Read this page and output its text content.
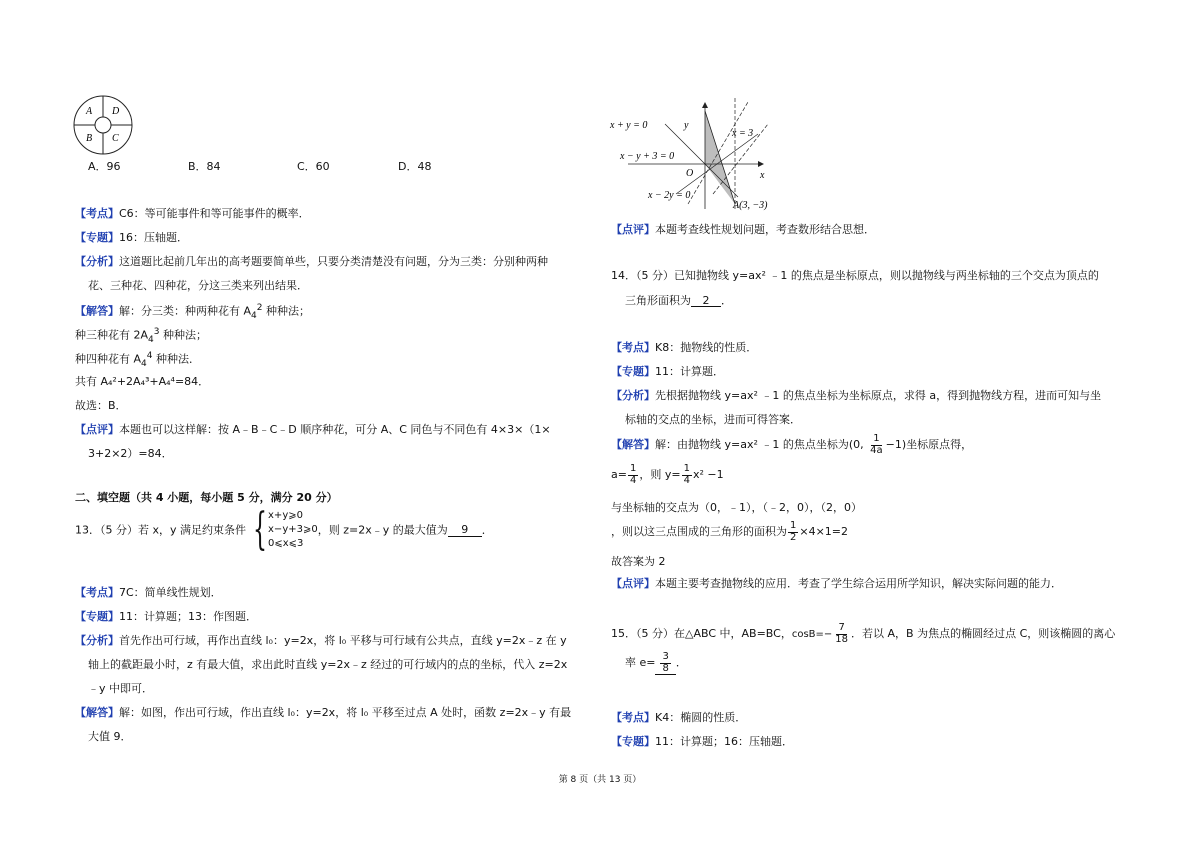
A D
B C
A．96	B．84	C．60	D．48
【考点】C6：等可能事件和等可能事件的概率．
【专题】16：压轴题．
【分析】这道题比起前几年出的高考题要简单些，只要分类清楚没有问题，分为三类：分别种两种
花、三种花、四种花，分这三类来列出结果．
【解答】解：分三类：种两种花有 $A_4^2$ 种种法；
种三种花有 $2A_4^3$ 种种法；
种四种花有 $A_4^4$ 种种法．
共有 A₄²+2A₄³+A₄⁴=84．
故选：B．
【点评】本题也可以这样解：按 A﹣B﹣C﹣D 顺序种花，可分 A、C 同色与不同色有 4×3×（1×
3+2×2）=84．
二、填空题（共 4 小题，每小题 5 分，满分 20 分）
13．（5 分）若 x，y 满足约束条件 { x+y⩾0
x−y+3⩾0
0⩽x⩽3
，则 z=2x﹣y 的最大值为 9 ．
【考点】7C：简单线性规划．
【专题】11：计算题；13：作图题．
【分析】首先作出可行域，再作出直线 l₀：y=2x，将 l₀ 平移与可行域有公共点，直线 y=2x﹣z 在 y
轴上的截距最小时，z 有最大值，求出此时直线 y=2x﹣z 经过的可行域内的点的坐标，代入 z=2x
﹣y 中即可．
【解答】解：如图，作出可行域，作出直线 l₀：y=2x，将 l₀ 平移至过点 A 处时，函数 z=2x﹣y 有最
大值 9．
x + y = 0	y
x = 3
x − y + 3 = 0
O	x
x − 2y = 0
A(3, −3)
【点评】本题考查线性规划问题，考查数形结合思想．
14．（5 分）已知抛物线 y=ax² ﹣1 的焦点是坐标原点，则以抛物线与两坐标轴的三个交点为顶点的
三角形面积为 2 ．
【考点】K8：抛物线的性质．
【专题】11：计算题．
【分析】先根据抛物线 y=ax² ﹣1 的焦点坐标为坐标原点，求得 a，得到抛物线方程，进而可知与坐
标轴的交点的坐标，进而可得答案．
【解答】解：由抛物线 y=ax² ﹣1 的焦点坐标为(0, $\frac{1}{4a} -1$)坐标原点得，
$a= \frac{1}{4}$ ，则 $y= \frac{1}{4} x^2 -1$
与坐标轴的交点为（0，﹣1），（﹣2，0），（2，0）
，则以这三点围成的三角形的面积为 $\frac{1}{2} \times 4\times 1=2$
故答案为 2
【点评】本题主要考查抛物线的应用．考查了学生综合运用所学知识，解决实际问题的能力．
15．（5 分）在△ABC 中，AB=BC，$\cos B=- \frac{7}{18}$ ．若以 A，B 为焦点的椭圆经过点 C，则该椭圆的离心
率 $e= \frac{3}{8}$ ．
【考点】K4：椭圆的性质．
【专题】11：计算题；16：压轴题．
第 8 页（共 13 页）
